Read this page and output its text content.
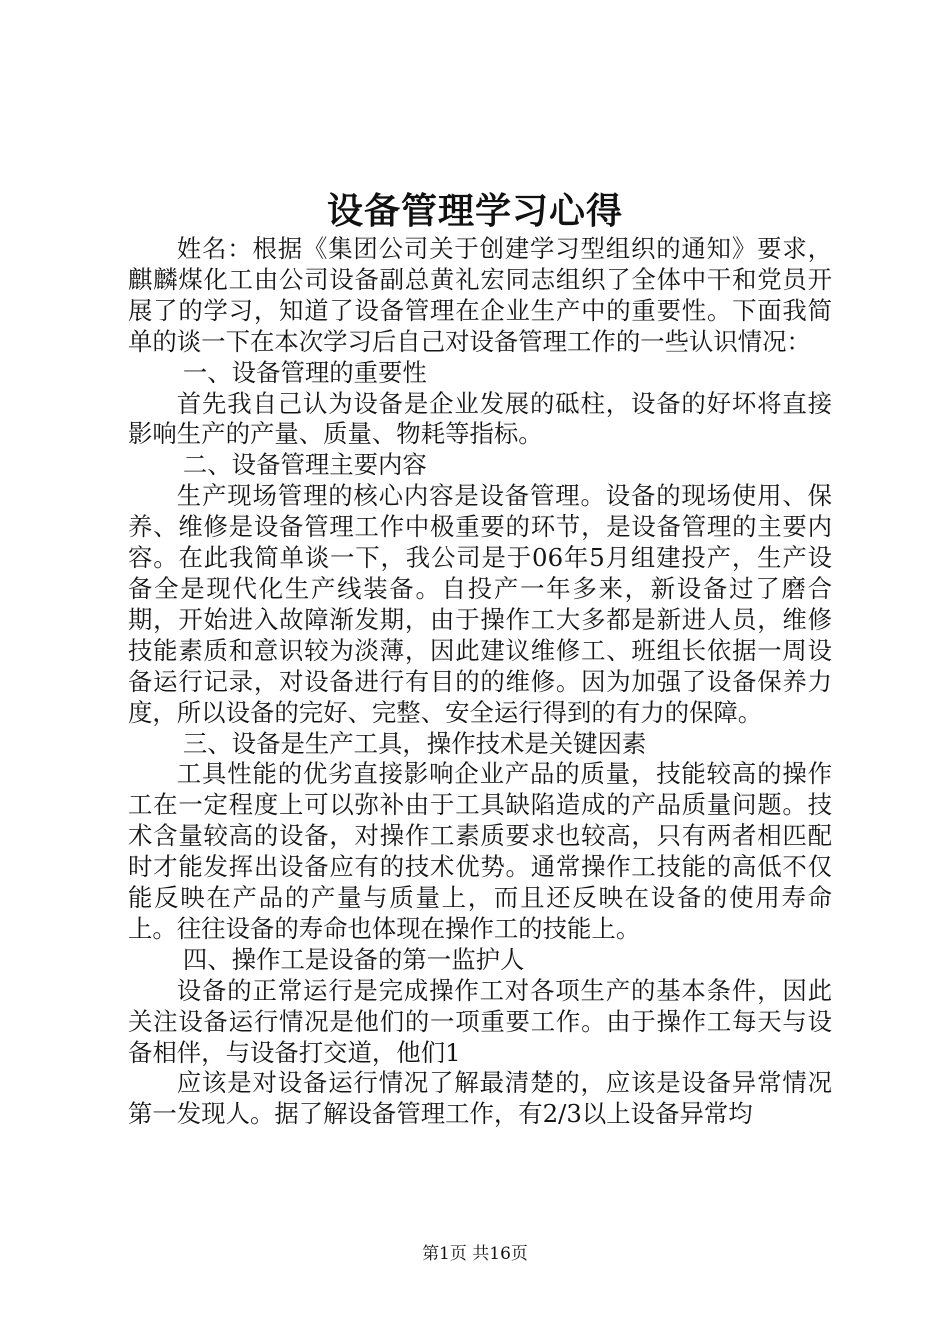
设备管理学习心得

姓名：根据《集团公司关于创建学习型组织的通知》要求，麒麟煤化工由公司设备副总黄礼宏同志组织了全体中干和党员开展了的学习，知道了设备管理在企业生产中的重要性。下面我简单的谈一下在本次学习后自己对设备管理工作的一些认识情况：

一、设备管理的重要性

首先我自己认为设备是企业发展的砥柱，设备的好坏将直接影响生产的产量、质量、物耗等指标。

二、设备管理主要内容

生产现场管理的核心内容是设备管理。设备的现场使用、保养、维修是设备管理工作中极重要的环节，是设备管理的主要内容。在此我简单谈一下，我公司是于06年5月组建投产，生产设备全是现代化生产线装备。自投产一年多来，新设备过了磨合期，开始进入故障渐发期，由于操作工大多都是新进人员，维修技能素质和意识较为淡薄，因此建议维修工、班组长依据一周设备运行记录，对设备进行有目的的维修。因为加强了设备保养力度，所以设备的完好、完整、安全运行得到的有力的保障。

三、设备是生产工具，操作技术是关键因素

工具性能的优劣直接影响企业产品的质量，技能较高的操作工在一定程度上可以弥补由于工具缺陷造成的产品质量问题。技术含量较高的设备，对操作工素质要求也较高，只有两者相匹配时才能发挥出设备应有的技术优势。通常操作工技能的高低不仅能反映在产品的产量与质量上，而且还反映在设备的使用寿命上。往往设备的寿命也体现在操作工的技能上。

四、操作工是设备的第一监护人

设备的正常运行是完成操作工对各项生产的基本条件，因此关注设备运行情况是他们的一项重要工作。由于操作工每天与设备相伴，与设备打交道，他们1

应该是对设备运行情况了解最清楚的，应该是设备异常情况第一发现人。据了解设备管理工作，有2/3以上设备异常均

第1页 共16页
